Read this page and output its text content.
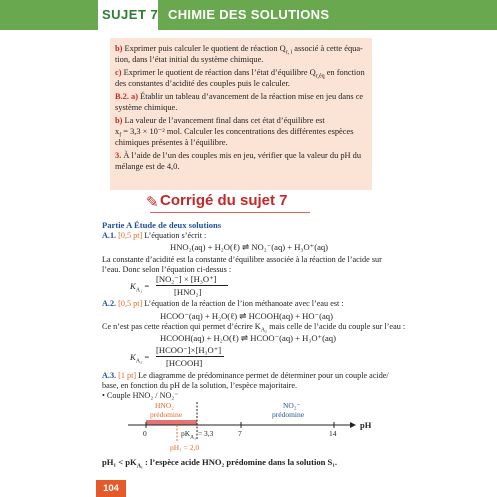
SUJET 7 CHIMIE DES SOLUTIONS
b) Exprimer puis calculer le quotient de réaction $Q_{r, i}$ associé à cette équa-
tion, dans l’état initial du système chimique.
c) Exprimer le quotient de réaction dans l’état d’équilibre $Q_{r,éq}$ en fonction
des constantes d’acidité des couples puis le calculer.
B.2. a) Établir un tableau d’avancement de la réaction mise en jeu dans ce
système chimique.
b) La valeur de l’avancement final dans cet état d’équilibre est
$x_f = 3,3 \times 10^{-2}$ mol. Calculer les concentrations des différentes espèces
chimiques présentes à l’équilibre.
3. À l’aide de l’un des couples mis en jeu, vérifier que la valeur du pH du
mélange est de 4,0.
✎ Corrigé du sujet 7
Partie A Étude de deux solutions
A.1. [0,5 pt] L’équation s’écrit :
HNO₂(aq) + H₂O(ℓ) ⇌ NO₂⁻(aq) + H₃O⁺(aq)
La constante d’acidité est la constante d’équilibre associée à la réaction de l’acide sur
l’eau. Donc selon l’équation ci-dessus :
$K_{A_1}$ =
[NO₂⁻] × [H₃O⁺]
[HNO₂]
A.2. [0,5 pt] L’équation de la réaction de l’ion méthanoate avec l’eau est :
HCOO⁻(aq) + H₂O(ℓ) ⇌ HCOOH(aq) + HO⁻(aq)
Ce n’est pas cette réaction qui permet d’écrire $K_{A_2}$ mais celle de l’acide du couple sur l’eau :
HCOOH(aq) + H₂O(ℓ) ⇌ HCOO⁻(aq) + H₃O⁺(aq)
$K_{A_2}$ =
[HCOO⁻]×[H₃O⁺]
[HCOOH]
A.3. [1 pt] Le diagramme de prédominance permet de déterminer pour un couple acide/
base, en fonction du pH de la solution, l’espèce majoritaire.
• Couple HNO₂ / NO₂⁻
HNO₂
prédomine
NO₂⁻
prédomine
0	$pK_{A_1} = 3,3$	7	14
pH
pH₁ = 2,0
$pH_1 < pK_{A_1}$ : l’espèce acide HNO₂ prédomine dans la solution S₁.
104
